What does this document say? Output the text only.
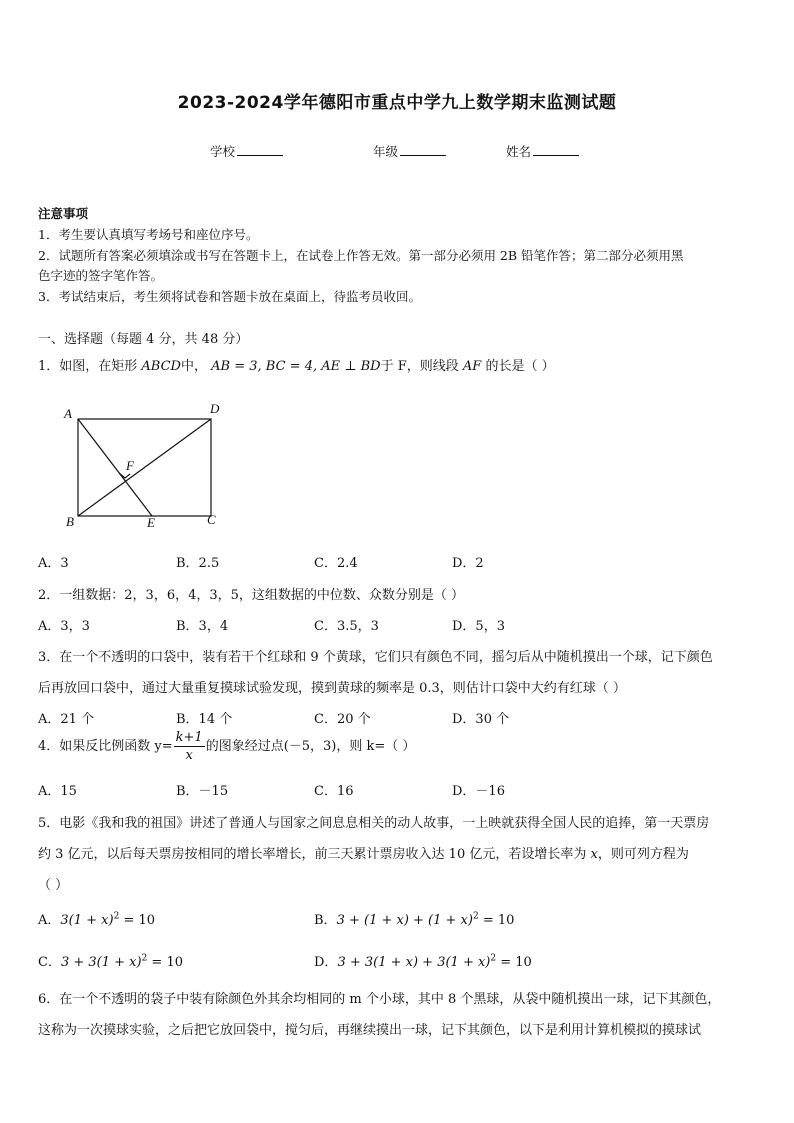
2023-2024学年德阳市重点中学九上数学期末监测试题
学校	年级	姓名
注意事项
1．考生要认真填写考场号和座位序号。
2．试题所有答案必须填涂或书写在答题卡上，在试卷上作答无效。第一部分必须用 2B 铅笔作答；第二部分必须用黑
色字迹的签字笔作答。
3．考试结束后，考生须将试卷和答题卡放在桌面上，待监考员收回。
一、选择题（每题 4 分，共 48 分）
1．如图，在矩形 ABCD中， AB = 3, BC = 4, AE ⊥ BD于 F，则线段 AF 的长是（ ）
A	D
B	C
E
F
A．3	B．2.5	C．2.4	D．2
2．一组数据：2，3，6，4，3，5，这组数据的中位数、众数分别是（ ）
A．3，3	B．3，4	C．3.5，3	D．5，3
3．在一个不透明的口袋中，装有若干个红球和 9 个黄球，它们只有颜色不同，摇匀后从中随机摸出一个球，记下颜色
后再放回口袋中，通过大量重复摸球试验发现，摸到黄球的频率是 0.3，则估计口袋中大约有红球（ ）
A．21 个	B．14 个	C．20 个	D．30 个
4．如果反比例函数 $y= \frac{k+1}{x}$ 的图象经过点(－5，3)，则 k=（ ）
A．15	B．－15	C．16	D．－16
5．电影《我和我的祖国》讲述了普通人与国家之间息息相关的动人故事，一上映就获得全国人民的追捧，第一天票房
约 3 亿元，以后每天票房按相同的增长率增长，前三天累计票房收入达 10 亿元，若设增长率为 x，则可列方程为
（ ）
A．$3(1 + x)^2 = 10$	B．$3 + (1 + x) + (1 + x)^2 = 10$
C．$3 + 3(1 + x)^2 = 10$	D．$3 + 3(1 + x) + 3(1 + x)^2 = 10$
6．在一个不透明的袋子中装有除颜色外其余均相同的 m 个小球，其中 8 个黑球，从袋中随机摸出一球，记下其颜色，
这称为一次摸球实验，之后把它放回袋中，搅匀后，再继续摸出一球，记下其颜色，以下是利用计算机模拟的摸球试
